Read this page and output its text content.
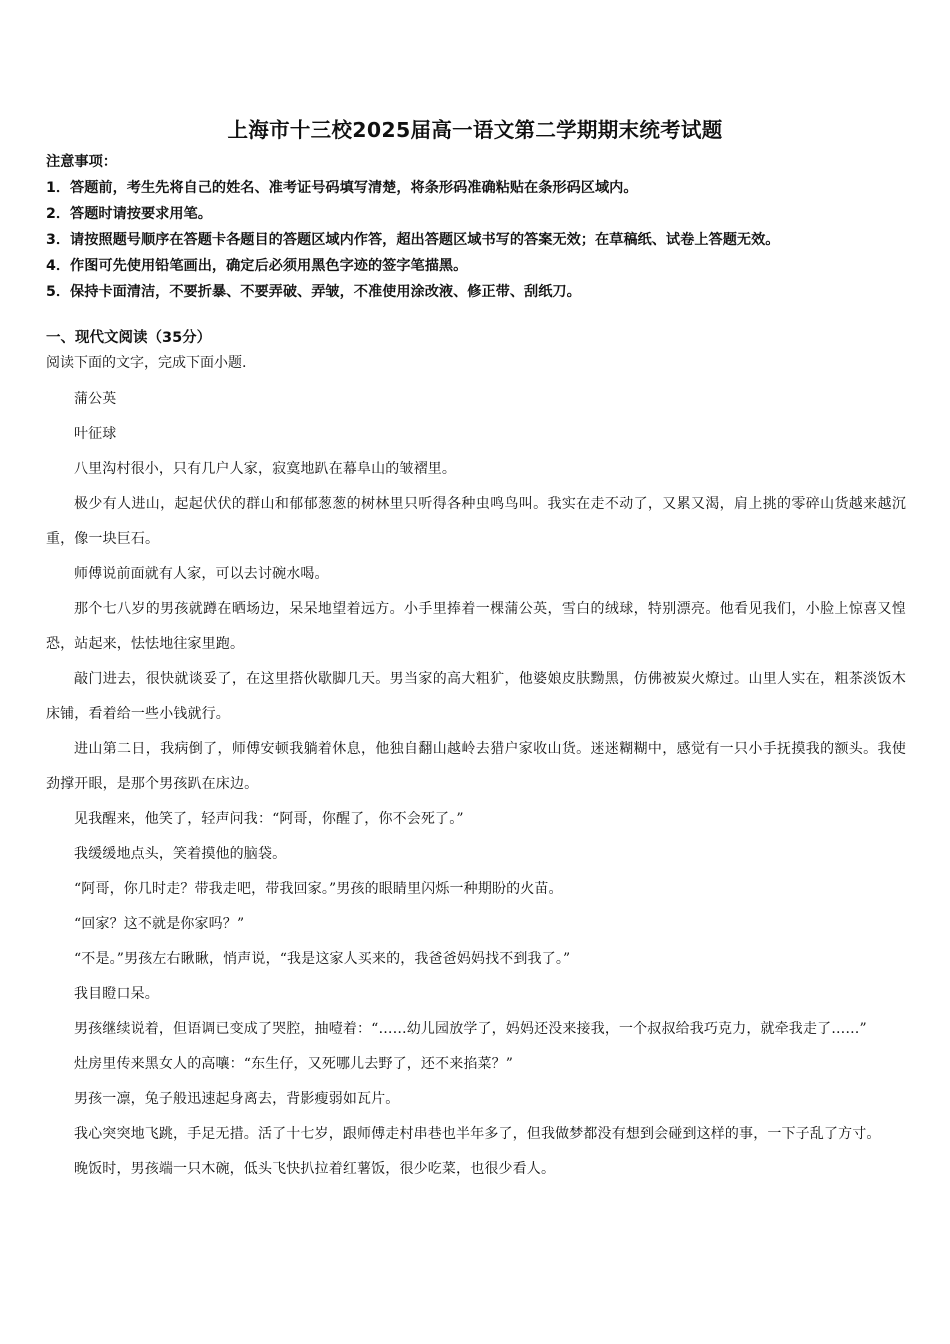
上海市十三校2025届高一语文第二学期期末统考试题
注意事项：
1．答题前，考生先将自己的姓名、准考证号码填写清楚，将条形码准确粘贴在条形码区域内。
2．答题时请按要求用笔。
3．请按照题号顺序在答题卡各题目的答题区域内作答，超出答题区域书写的答案无效；在草稿纸、试卷上答题无效。
4．作图可先使用铅笔画出，确定后必须用黑色字迹的签字笔描黑。
5．保持卡面清洁，不要折暴、不要弄破、弄皱，不准使用涂改液、修正带、刮纸刀。
一、现代文阅读（35分）
阅读下面的文字，完成下面小题.

蒲公英

叶征球

八里沟村很小，只有几户人家，寂寞地趴在幕阜山的皱褶里。

极少有人进山，起起伏伏的群山和郁郁葱葱的树林里只听得各种虫鸣鸟叫。我实在走不动了，又累又渴，肩上挑的零碎山货越来越沉重，像一块巨石。

师傅说前面就有人家，可以去讨碗水喝。

那个七八岁的男孩就蹲在晒场边，呆呆地望着远方。小手里捧着一棵蒲公英，雪白的绒球，特别漂亮。他看见我们，小脸上惊喜又惶恐，站起来，怯怯地往家里跑。

敲门进去，很快就谈妥了，在这里搭伙歇脚几天。男当家的高大粗犷，他婆娘皮肤黝黑，仿佛被炭火燎过。山里人实在，粗茶淡饭木床铺，看着给一些小钱就行。

进山第二日，我病倒了，师傅安顿我躺着休息，他独自翻山越岭去猎户家收山货。迷迷糊糊中，感觉有一只小手抚摸我的额头。我使劲撑开眼，是那个男孩趴在床边。

见我醒来，他笑了，轻声问我：“阿哥，你醒了，你不会死了。”

我缓缓地点头，笑着摸他的脑袋。

“阿哥，你几时走？带我走吧，带我回家。”男孩的眼睛里闪烁一种期盼的火苗。

“回家？这不就是你家吗？”

“不是。”男孩左右瞅瞅，悄声说，“我是这家人买来的，我爸爸妈妈找不到我了。”

我目瞪口呆。

男孩继续说着，但语调已变成了哭腔，抽噎着：“……幼儿园放学了，妈妈还没来接我，一个叔叔给我巧克力，就牵我走了……”

灶房里传来黑女人的高嚷：“东生仔，又死哪儿去野了，还不来掐菜？”

男孩一凛，兔子般迅速起身离去，背影瘦弱如瓦片。

我心突突地飞跳，手足无措。活了十七岁，跟师傅走村串巷也半年多了，但我做梦都没有想到会碰到这样的事，一下子乱了方寸。

晚饭时，男孩端一只木碗，低头飞快扒拉着红薯饭，很少吃菜，也很少看人。
